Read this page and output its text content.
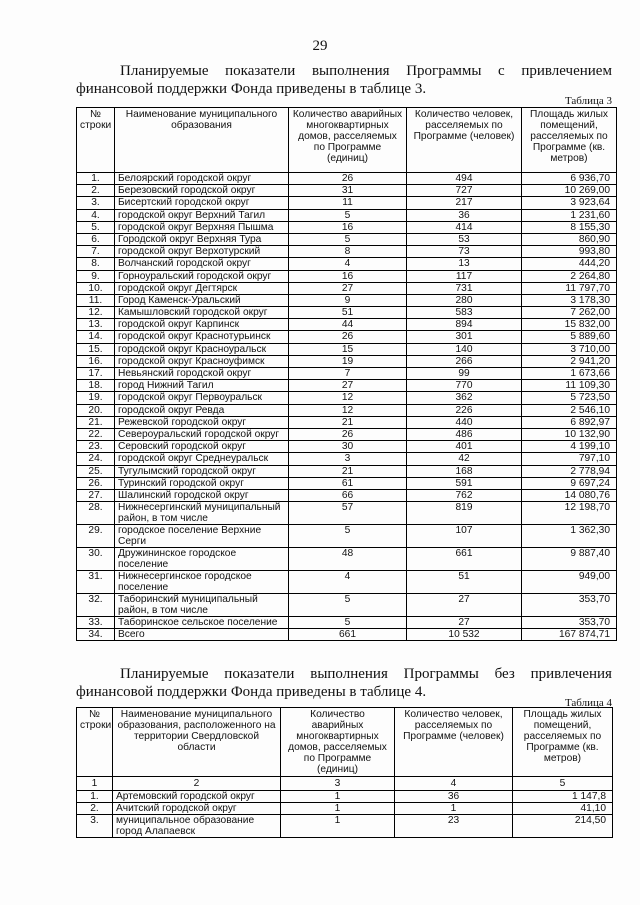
29
Планируемые показатели выполнения Программы с привлечением
финансовой поддержки Фонда приведены в таблице 3.
Таблица 3
№ строки	Наименование муниципального образования	Количество аварийных многоквартирных домов, расселяемых по Программе (единиц)	Количество человек, расселяемых по Программе (человек)	Площадь жилых помещений, расселяемых по Программе (кв. метров)
1.	Белоярский городской округ	26	494	6 936,70
2.	Березовский городской округ	31	727	10 269,00
3.	Бисертский городской округ	11	217	3 923,64
4.	городской округ Верхний Тагил	5	36	1 231,60
5.	городской округ Верхняя Пышма	16	414	8 155,30
6.	Городской округ Верхняя Тура	5	53	860,90
7.	городской округ Верхотурский	8	73	993,80
8.	Волчанский городской округ	4	13	444,20
9.	Горноуральский городской округ	16	117	2 264,80
10.	городской округ Дегтярск	27	731	11 797,70
11.	Город Каменск-Уральский	9	280	3 178,30
12.	Камышловский городской округ	51	583	7 262,00
13.	городской округ Карпинск	44	894	15 832,00
14.	городской округ Краснотурьинск	26	301	5 889,60
15.	городской округ Красноуральск	15	140	3 710,00
16.	городской округ Красноуфимск	19	266	2 941,20
17.	Невьянский городской округ	7	99	1 673,66
18.	город Нижний Тагил	27	770	11 109,30
19.	городской округ Первоуральск	12	362	5 723,50
20.	городской округ Ревда	12	226	2 546,10
21.	Режевской городской округ	21	440	6 892,97
22.	Североуральский городской округ	26	486	10 132,90
23.	Серовский городской округ	30	401	4 199,10
24.	городской округ Среднеуральск	3	42	797,10
25.	Тугулымский городской округ	21	168	2 778,94
26.	Туринский городской округ	61	591	9 697,24
27.	Шалинский городской округ	66	762	14 080,76
28.	Нижнесергинский муниципальный район, в том числе	57	819	12 198,70
29.	городское поселение Верхние Серги	5	107	1 362,30
30.	Дружининское городское поселение	48	661	9 887,40
31.	Нижнесергинское городское поселение	4	51	949,00
32.	Таборинский муниципальный район, в том числе	5	27	353,70
33.	Таборинское сельское поселение	5	27	353,70
34.	Всего	661	10 532	167 874,71
Планируемые показатели выполнения Программы без привлечения
финансовой поддержки Фонда приведены в таблице 4.
Таблица 4
№ строки	Наименование муниципального образования, расположенного на территории Свердловской области	Количество аварийных многоквартирных домов, расселяемых по Программе (единиц)	Количество человек, расселяемых по Программе (человек)	Площадь жилых помещений, расселяемых по Программе (кв. метров)
1	2	3	4	5
1.	Артемовский городской округ	1	36	1 147,8
2.	Ачитский городской округ	1	1	41,10
3.	муниципальное образование город Алапаевск	1	23	214,50
